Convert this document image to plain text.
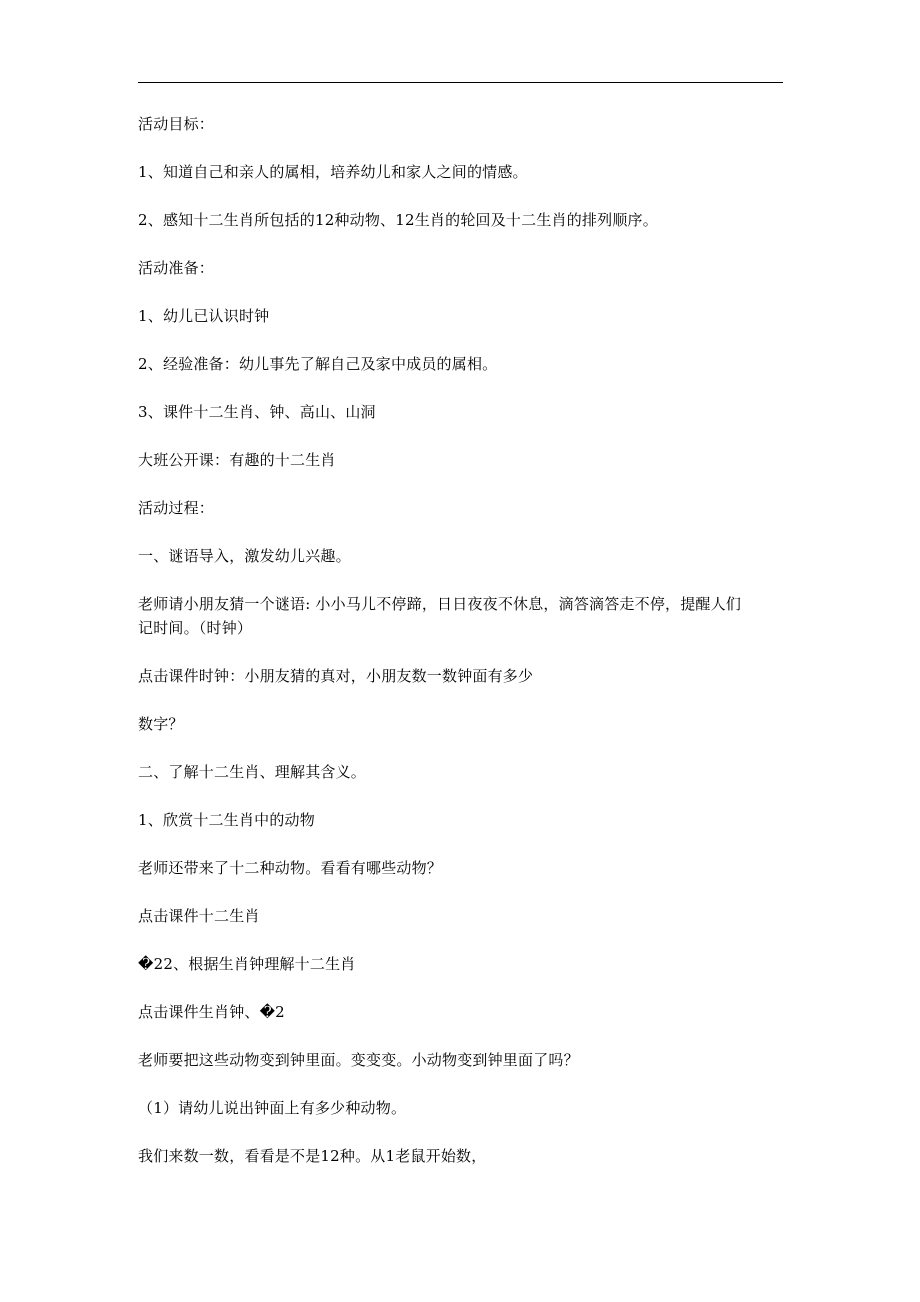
活动目标：

1、知道自己和亲人的属相，培养幼儿和家人之间的情感。

2、感知十二生肖所包括的12种动物、12生肖的轮回及十二生肖的排列顺序。

活动准备：

1、幼儿已认识时钟

2、经验准备：幼儿事先了解自己及家中成员的属相。

3、课件十二生肖、钟、高山、山洞

大班公开课：有趣的十二生肖

活动过程：

一、谜语导入，激发幼儿兴趣。

老师请小朋友猜一个谜语: 小小马儿不停蹄，日日夜夜不休息，滴答滴答走不停，提醒人们

记时间。（时钟）

点击课件时钟：小朋友猜的真对，小朋友数一数钟面有多少

数字？

二、了解十二生肖、理解其含义。

1、欣赏十二生肖中的动物

老师还带来了十二种动物。看看有哪些动物？

点击课件十二生肖

�22、根据生肖钟理解十二生肖

点击课件生肖钟、�2

老师要把这些动物变到钟里面。变变变。小动物变到钟里面了吗？

（1）请幼儿说出钟面上有多少种动物。

我们来数一数，看看是不是12种。从1老鼠开始数，
